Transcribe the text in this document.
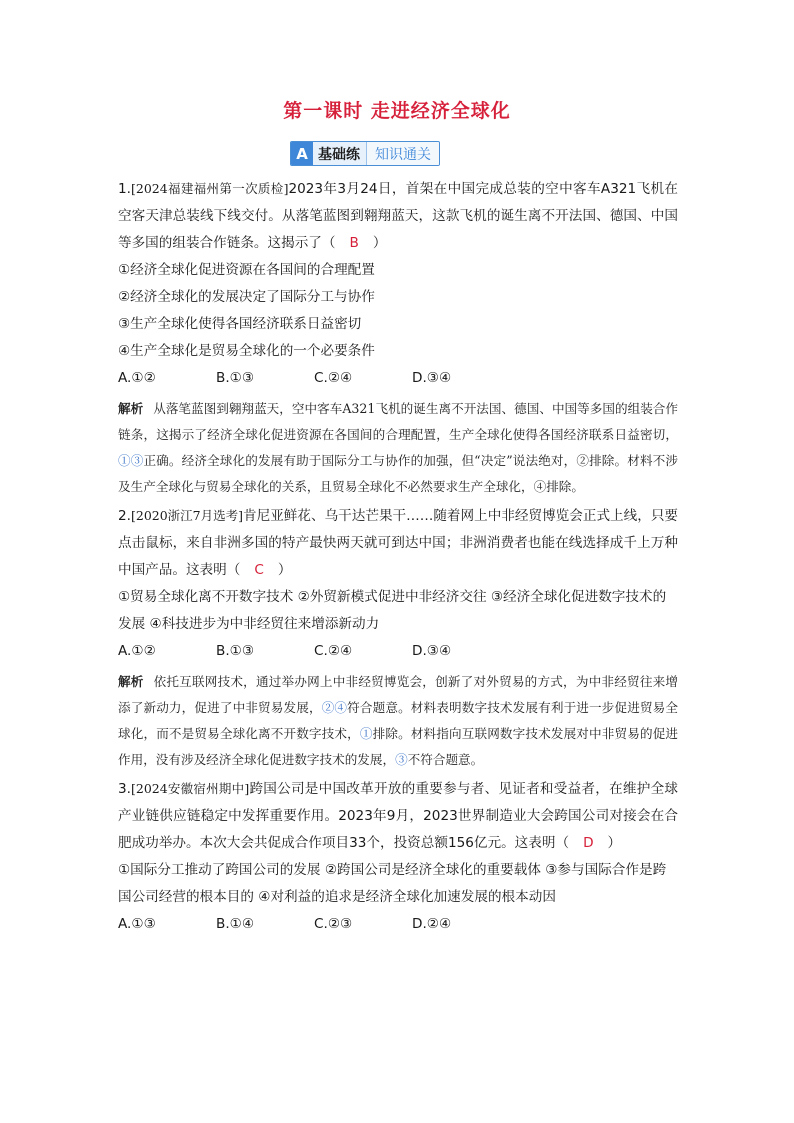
第一课时 走进经济全球化
A 基础练	知识通关

1.[2024福建福州第一次质检]2023年3月24日，首架在中国完成总装的空中客车A321飞机在空客天津总装线下线交付。从落笔蓝图到翱翔蓝天，这款飞机的诞生离不开法国、德国、中国等多国的组装合作链条。这揭示了（ B ）

①经济全球化促进资源在各国间的合理配置

②经济全球化的发展决定了国际分工与协作

③生产全球化使得各国经济联系日益密切

④生产全球化是贸易全球化的一个必要条件

A.①②	B.①③	C.②④	D.③④

解析 从落笔蓝图到翱翔蓝天，空中客车A321飞机的诞生离不开法国、德国、中国等多国的组装合作链条，这揭示了经济全球化促进资源在各国间的合理配置，生产全球化使得各国经济联系日益密切，①③正确。经济全球化的发展有助于国际分工与协作的加强，但“决定”说法绝对，②排除。材料不涉及生产全球化与贸易全球化的关系，且贸易全球化不必然要求生产全球化，④排除。

2.[2020浙江7月选考]肯尼亚鲜花、乌干达芒果干……随着网上中非经贸博览会正式上线，只要点击鼠标，来自非洲多国的特产最快两天就可到达中国；非洲消费者也能在线选择成千上万种中国产品。这表明（ C ）

①贸易全球化离不开数字技术 ②外贸新模式促进中非经济交往 ③经济全球化促进数字技术的发展 ④科技进步为中非经贸往来增添新动力

A.①②	B.①③	C.②④	D.③④

解析 依托互联网技术，通过举办网上中非经贸博览会，创新了对外贸易的方式，为中非经贸往来增添了新动力，促进了中非贸易发展，②④符合题意。材料表明数字技术发展有利于进一步促进贸易全球化，而不是贸易全球化离不开数字技术，①排除。材料指向互联网数字技术发展对中非贸易的促进作用，没有涉及经济全球化促进数字技术的发展，③不符合题意。

3.[2024安徽宿州期中]跨国公司是中国改革开放的重要参与者、见证者和受益者，在维护全球产业链供应链稳定中发挥重要作用。2023年9月，2023世界制造业大会跨国公司对接会在合肥成功举办。本次大会共促成合作项目33个，投资总额156亿元。这表明（ D ）

①国际分工推动了跨国公司的发展 ②跨国公司是经济全球化的重要载体 ③参与国际合作是跨国公司经营的根本目的 ④对利益的追求是经济全球化加速发展的根本动因

A.①③	B.①④	C.②③	D.②④
